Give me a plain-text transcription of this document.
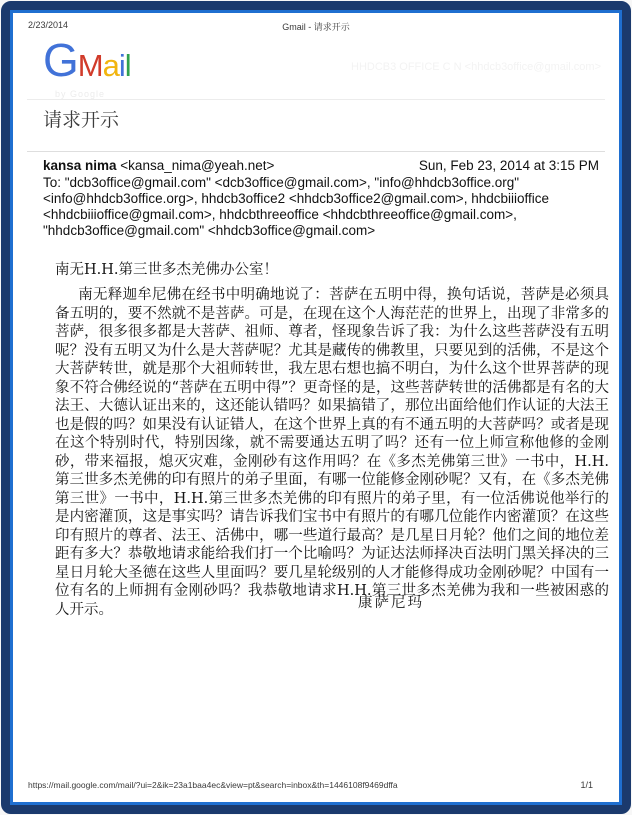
2/23/2014	Gmail - 请求开示
GMail
by Google
HHDCB3 OFFICE C N <hhdcb3office@gmail.com>
请求开示
kansa nima <kansa_nima@yeah.net>	Sun, Feb 23, 2014 at 3:15 PM
To: "dcb3office@gmail.com" <dcb3office@gmail.com>, "info@hhdcb3office.org" <info@hhdcb3office.org>, hhdcb3office2 <hhdcb3office2@gmail.com>, hhdcbiiioffice <hhdcbiiioffice@gmail.com>, hhdcbthreeoffice <hhdcbthreeoffice@gmail.com>, "hhdcb3office@gmail.com" <hhdcb3office@gmail.com>
南无H.H.第三世多杰羌佛办公室！

南无释迦牟尼佛在经书中明确地说了：菩萨在五明中得，换句话说，菩萨是必须具备五明的，要不然就不是菩萨。可是，在现在这个人海茫茫的世界上，出现了非常多的菩萨，很多很多都是大菩萨、祖师、尊者，怪现象告诉了我：为什么这些菩萨没有五明呢？没有五明又为什么是大菩萨呢？尤其是藏传的佛教里，只要见到的活佛，不是这个大菩萨转世，就是那个大祖师转世，我左思右想也搞不明白，为什么这个世界菩萨的现象不符合佛经说的“菩萨在五明中得”？更奇怪的是，这些菩萨转世的活佛都是有名的大法王、大德认证出来的，这还能认错吗？如果搞错了，那位出面给他们作认证的大法王也是假的吗？如果没有认证错人，在这个世界上真的有不通五明的大菩萨吗？或者是现在这个特别时代，特别因缘，就不需要通达五明了吗？还有一位上师宣称他修的金刚砂，带来福报，熄灭灾难，金刚砂有这作用吗？在《多杰羌佛第三世》一书中，H.H.第三世多杰羌佛的印有照片的弟子里面，有哪一位能修金刚砂呢？又有，在《多杰羌佛第三世》一书中，H.H.第三世多杰羌佛的印有照片的弟子里，有一位活佛说他举行的是内密灌顶，这是事实吗？请告诉我们宝书中有照片的有哪几位能作内密灌顶？在这些印有照片的尊者、法王、活佛中，哪一些道行最高？是几星日月轮？他们之间的地位差距有多大？恭敬地请求能给我们打一个比喻吗？为证达法师择决百法明门黑关择决的三星日月轮大圣德在这些人里面吗？要几星轮级别的人才能修得成功金刚砂呢？中国有一位有名的上师拥有金刚砂吗？我恭敬地请求H.H.第三世多杰羌佛为我和一些被困惑的人开示。	康萨尼玛
https://mail.google.com/mail/?ui=2&ik=23a1baa4ec&view=pt&search=inbox&th=1446108f9469dffa	1/1
